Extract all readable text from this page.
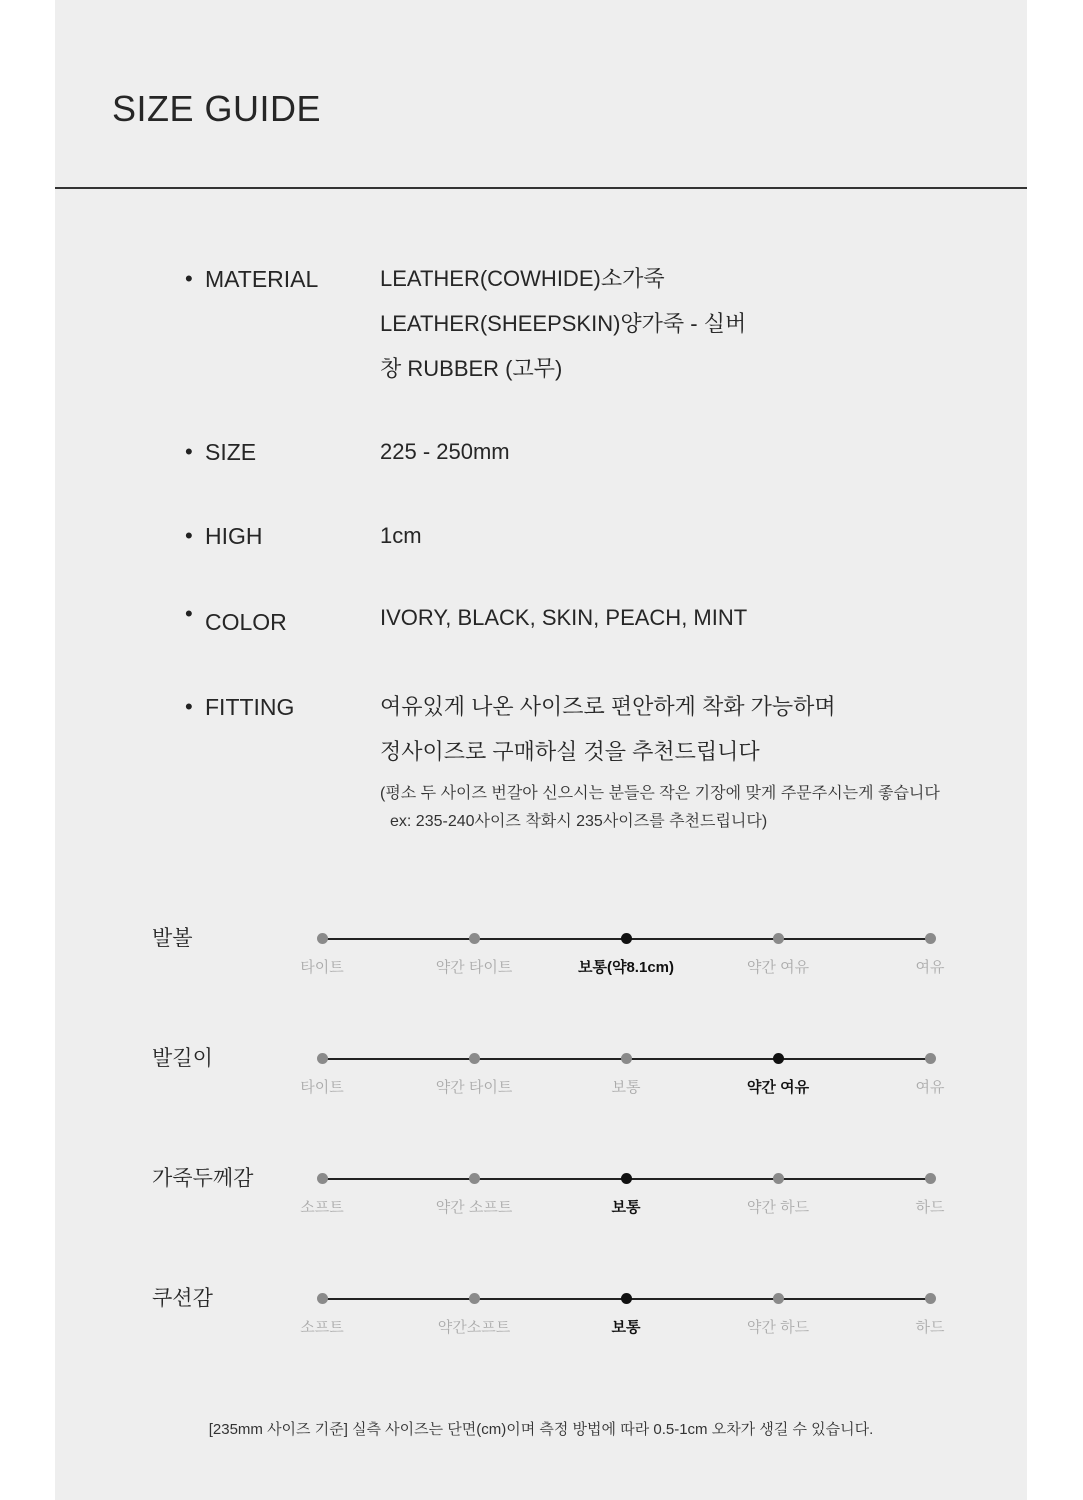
SIZE GUIDE
• MATERIAL	LEATHER(COWHIDE)소가죽
LEATHER(SHEEPSKIN)양가죽 - 실버
창 RUBBER (고무)
• SIZE	225 - 250mm
• HIGH	1cm
• COLOR	IVORY, BLACK, SKIN, PEACH, MINT
• FITTING	여유있게 나온 사이즈로 편안하게 착화 가능하며
정사이즈로 구매하실 것을 추천드립니다
(평소 두 사이즈 번갈아 신으시는 분들은 작은 기장에 맞게 주문주시는게 좋습니다
ex: 235-240사이즈 착화시 235사이즈를 추천드립니다)
발볼
타이트	약간 타이트	보통(약8.1cm)	약간 여유	여유
발길이
타이트	약간 타이트	보통	약간 여유	여유
가죽두께감
소프트	약간 소프트	보통	약간 하드	하드
쿠션감
소프트	약간소프트	보통	약간 하드	하드
[235mm 사이즈 기준] 실측 사이즈는 단면(cm)이며 측정 방법에 따라 0.5-1cm 오차가 생길 수 있습니다.
